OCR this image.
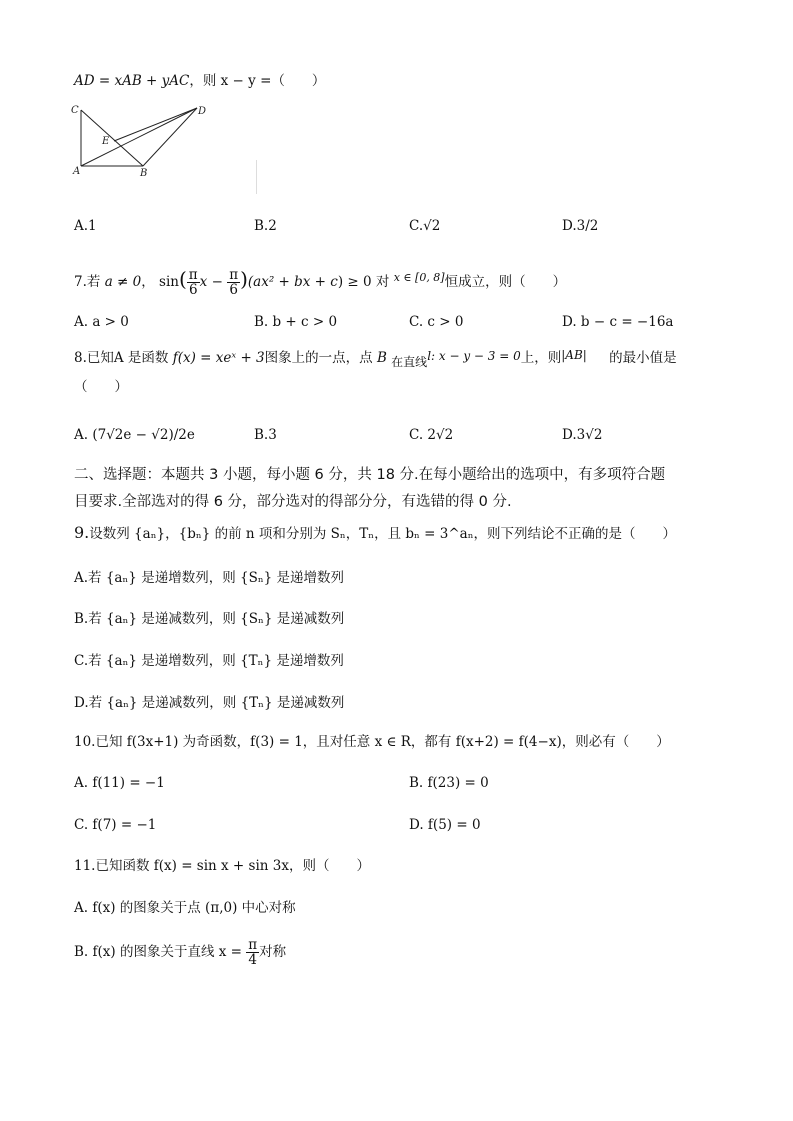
AD = xAB + yAC，则 x − y =（　　）
C	D
E
A	B
A.1	B.2	C.√2	D.3/2
7.若 a ≠ 0， $\sin( \frac{\pi}{6}$ $x - \frac{\pi}{6} )(ax^2$ + bx + c) ≥ 0 对 $^{x \in [0, 8]}$恒成立，则（　　）
A. a > 0	B. b + c > 0	C. c > 0	D. b − c = −16a
8.已知A 是函数 f(x) = xeˣ + 3图象上的一点，点 B 在直线l: x − y − 3 = 0上，则|AB| 的最小值是
（　　）
A. (7√2e − √2)/2e	B.3	C. 2√2	D.3√2
二、选择题：本题共 3 小题，每小题 6 分，共 18 分.在每小题给出的选项中，有多项符合题
目要求.全部选对的得 6 分，部分选对的得部分分，有选错的得 0 分.
9.设数列 {aₙ}，{bₙ} 的前 n 项和分别为 Sₙ，Tₙ，且 bₙ = 3^aₙ，则下列结论不正确的是（　　）
A.若 {aₙ} 是递增数列，则 {Sₙ} 是递增数列
B.若 {aₙ} 是递减数列，则 {Sₙ} 是递减数列
C.若 {aₙ} 是递增数列，则 {Tₙ} 是递增数列
D.若 {aₙ} 是递减数列，则 {Tₙ} 是递减数列
10.已知 f(3x+1) 为奇函数，f(3) = 1，且对任意 x ∈ R，都有 f(x+2) = f(4−x)，则必有（　　）
A. f(11) = −1	B. f(23) = 0
C. f(7) = −1	D. f(5) = 0
11.已知函数 f(x) = sin x + sin 3x，则（　　）
A. f(x) 的图象关于点 (π,0) 中心对称
B. f(x) 的图象关于直线 $x = \frac{\pi}{4}$ 对称
